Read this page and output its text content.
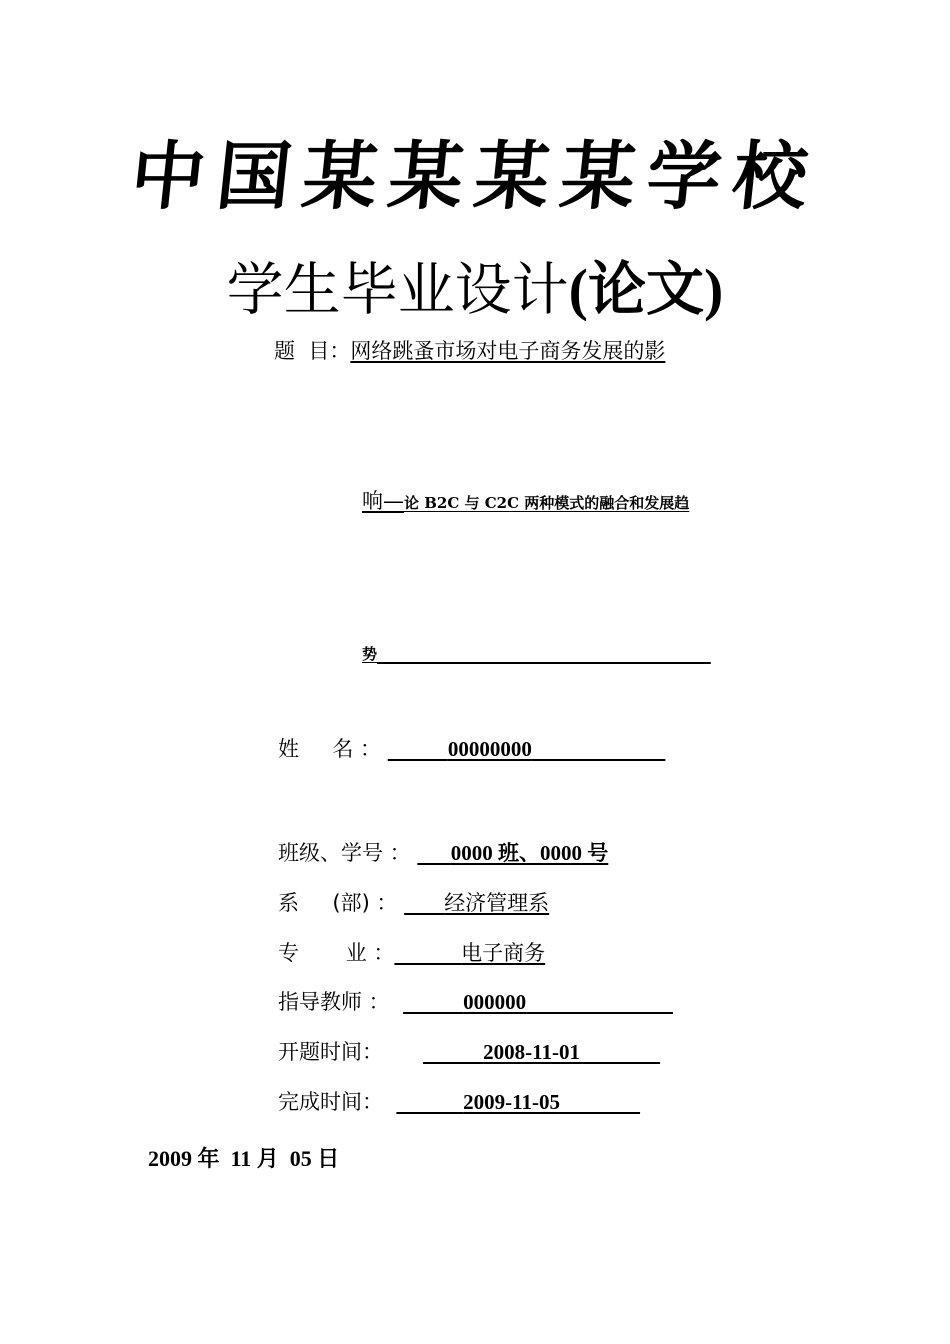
中国某某某某学校
学生毕业设计(论文)
题  目：网络跳蚤市场对电子商务发展的影
响—论 B2C 与 C2C 两种模式的融合和发展趋
势
姓     名 ：	00000000
班级、学号 ： 0000 班、0000 号
系     (部) ： 经济管理系
专       业 ：	电子商务
指导教师 ：	000000
开题时间：	2008-11-01
完成时间：	2009-11-05
2009 年  11 月  05 日
